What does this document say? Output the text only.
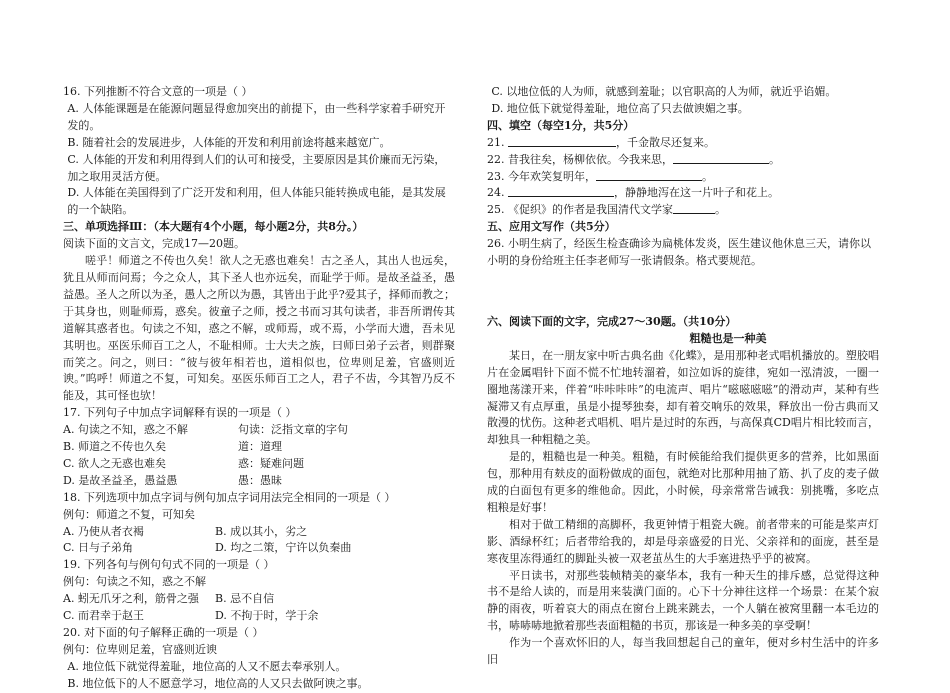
16. 下列推断不符合文意的一项是（ ）

A. 人体能课题是在能源问题显得愈加突出的前提下，由一些科学家着手研究开发的。

B. 随着社会的发展进步，人体能的开发和利用前途将越来越宽广。

C. 人体能的开发和利用得到人们的认可和接受，主要原因是其价廉而无污染，加之取用灵活方便。

D. 人体能在美国得到了广泛开发和利用，但人体能只能转换成电能，是其发展的一个缺陷。

三、单项选择Ⅲ：（本大题有4个小题，每小题2分，共8分。）

阅读下面的文言文，完成17—20题。

嗟乎！师道之不传也久矣！欲人之无惑也难矣！古之圣人，其出人也远矣，犹且从师而问焉；今之众人，其下圣人也亦远矣，而耻学于师。是故圣益圣，愚益愚。圣人之所以为圣，愚人之所以为愚，其皆出于此乎?爱其子，择师而教之；于其身也，则耻师焉，惑矣。彼童子之师，授之书而习其句读者，非吾所谓传其道解其惑者也。句读之不知，惑之不解，或师焉，或不焉，小学而大遗，吾未见其明也。巫医乐师百工之人，不耻相师。士大夫之族，曰师曰弟子云者，则群聚而笑之。问之，则曰：“彼与彼年相若也，道相似也，位卑则足羞，官盛则近谀。”呜呼！师道之不复，可知矣。巫医乐师百工之人，君子不齿，今其智乃反不能及，其可怪也欤！

17. 下列句子中加点字词解释有误的一项是（ ）

A. 句读之不知，惑之不解	句读：泛指文章的字句
B. 师道之不传也久矣	道：道理
C. 欲人之无惑也难矣	惑：疑难问题
D. 是故圣益圣，愚益愚	愚：愚昧

18. 下列选项中加点字词与例句加点字词用法完全相同的一项是（ ）

例句：师道之不复，可知矣

A. 乃使从者衣褐	B. 成以其小，劣之
C. 日与子弟角	D. 均之二策，宁许以负秦曲

19. 下列各句与例句句式不同的一项是（ ）

例句：句读之不知，惑之不解

A. 蚓无爪牙之利，筋骨之强	B. 忌不自信
C. 而君幸于赵王	D. 不拘于时，学于余

20. 对下面的句子解释正确的一项是（ ）

例句：位卑则足羞，官盛则近谀

A. 地位低下就觉得羞耻，地位高的人又不愿去奉承别人。

B. 地位低下的人不愿意学习，地位高的人又只去做阿谀之事。

C. 以地位低的人为师，就感到羞耻；以官职高的人为师，就近乎谄媚。

D. 地位低下就觉得羞耻，地位高了只去做谀媚之事。

四、填空（每空1分，共5分）

21.	，千金散尽还复来。

22. 昔我往矣，杨柳依依。今我来思，	。

23. 今年欢笑复明年，	。

24.	，静静地泻在这一片叶子和花上。

25. 《促织》的作者是我国清代文学家	。

五、应用文写作（共5分）

26. 小明生病了，经医生检查确诊为扁桃体发炎，医生建议他休息三天，请你以小明的身份给班主任李老师写一张请假条。格式要规范。

六、阅读下面的文字，完成27～30题。（共10分）

粗糙也是一种美

某日，在一朋友家中听古典名曲《化蝶》，是用那种老式唱机播放的。塑胶唱片在金属唱针下面不慌不忙地转溜着，如泣如诉的旋律，宛如一泓清波，一圈一圈地荡漾开来，伴着“咔咔咔咔”的电流声、唱片“嗞嗞嗞嗞”的滑动声，某种有些凝滞又有点厚重，虽是小提琴独奏，却有着交响乐的效果，释放出一份古典而又散漫的忧伤。这种老式唱机、唱片是过时的东西，与高保真CD唱片相比较而言，却独具一种粗糙之美。

是的，粗糙也是一种美。粗糙，有时候能给我们提供更多的营养，比如黑面包，那种用有麸皮的面粉做成的面包，就绝对比那种用抽了筋、扒了皮的麦子做成的白面包有更多的维他命。因此，小时候，母亲常常告诫我：别挑嘴，多吃点粗粮是好事！

相对于做工精细的高脚杯，我更钟情于粗瓷大碗。前者带来的可能是桨声灯影、酒绿杯红；后者带给我的，却是母亲盛爱的日光、父亲祥和的面庞，甚至是寒夜里冻得通红的脚趾头被一双老茧丛生的大手塞进热乎乎的被窝。

平日读书，对那些装帧精美的豪华本，我有一种天生的排斥感，总觉得这种书不是给人读的，而是用来装潢门面的。心下十分神往这样一个场景：在某个寂静的雨夜，听着哀大的雨点在窗台上跳来跳去，一个人躺在被窝里翻一本毛边的书，哧哧哧地掀着那些表面粗糙的书页，那该是一种多美的享受啊！

作为一个喜欢怀旧的人，每当我回想起自己的童年，便对乡村生活中的许多旧
